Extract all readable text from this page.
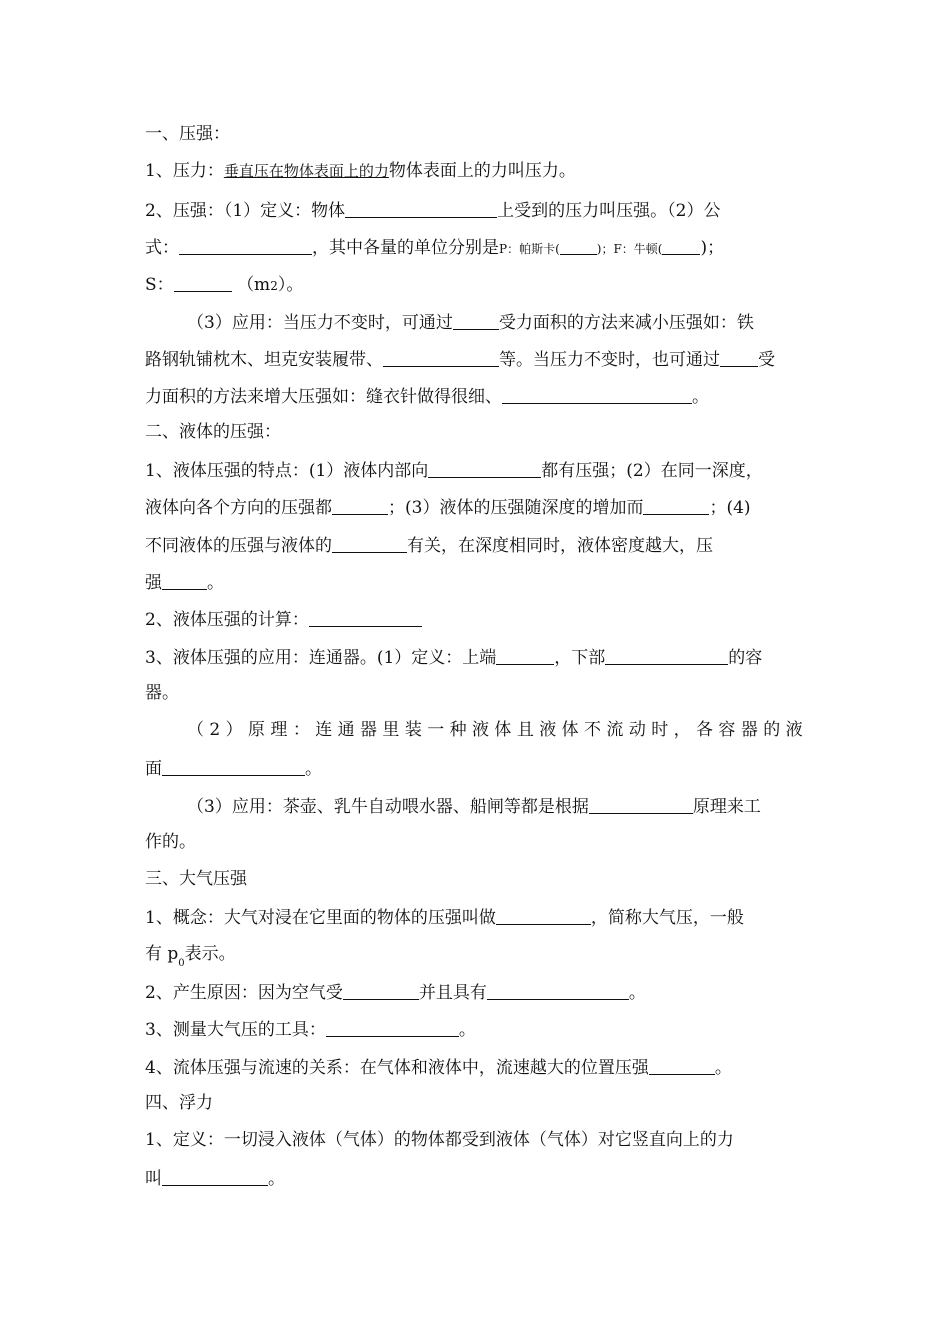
一、压强：
1、压力：垂直压在物体表面上的力物体表面上的力叫压力。
2、压强：（1）定义：物体	上受到的压力叫压强。（2）公
式：	，其中各量的单位分别是P：帕斯卡(	)；F：牛顿( )；
S：	（m2）。
（3）应用：当压力不变时，可通过	受力面积的方法来减小压强如：铁
路钢轨铺枕木、坦克安装履带、	等。当压力不变时，也可通过 受
力面积的方法来增大压强如：缝衣针做得很细、	。
二、液体的压强：
1、液体压强的特点：(1）液体内部向	都有压强；(2）在同一深度，
液体向各个方向的压强都	；(3）液体的压强随深度的增加而	；(4)
不同液体的压强与液体的	有关，在深度相同时，液体密度越大，压
强	。
2、液体压强的计算：
3、液体压强的应用：连通器。(1）定义：上端	，下部	的容
器。
（2）原理：连通器里装一种液体且液体不流动时，各容器的液
面	。
（3）应用：茶壶、乳牛自动喂水器、船闸等都是根据	原理来工
作的。
三、大气压强
1、概念：大气对浸在它里面的物体的压强叫做	，简称大气压，一般
有 $p_0$表示。
2、产生原因：因为空气受	并且具有	。
3、测量大气压的工具：	。
4、流体压强与流速的关系：在气体和液体中，流速越大的位置压强	。
四、浮力
1、定义：一切浸入液体（气体）的物体都受到液体（气体）对它竖直向上的力
叫	。
